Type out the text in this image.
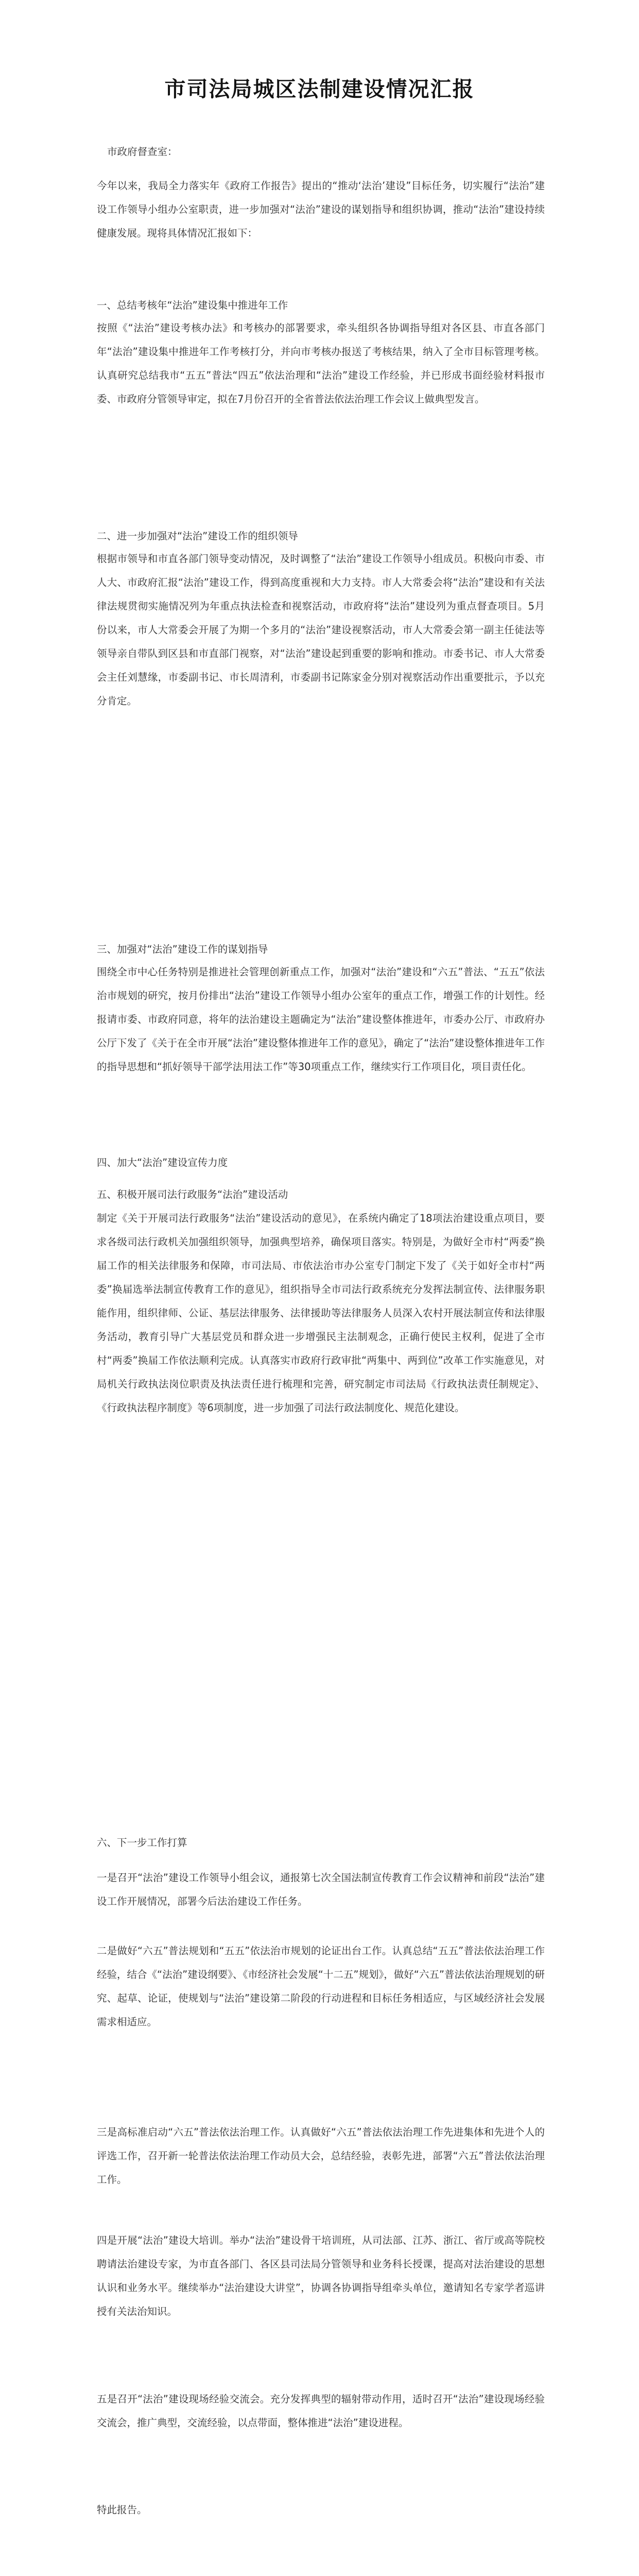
市司法局城区法制建设情况汇报

市政府督查室：

今年以来，我局全力落实年《政府工作报告》提出的“推动‘法治’建设”目标任务，切实履行“法治”建设工作领导小组办公室职责，进一步加强对“法治”建设的谋划指导和组织协调，推动“法治”建设持续健康发展。现将具体情况汇报如下：

一、总结考核年“法治”建设集中推进年工作

按照《“法治”建设考核办法》和考核办的部署要求，牵头组织各协调指导组对各区县、市直各部门年“法治”建设集中推进年工作考核打分，并向市考核办报送了考核结果，纳入了全市目标管理考核。认真研究总结我市“五五”普法“四五”依法治理和“法治”建设工作经验，并已形成书面经验材料报市委、市政府分管领导审定，拟在7月份召开的全省普法依法治理工作会议上做典型发言。

二、进一步加强对“法治”建设工作的组织领导

根据市领导和市直各部门领导变动情况，及时调整了“法治”建设工作领导小组成员。积极向市委、市人大、市政府汇报“法治”建设工作，得到高度重视和大力支持。市人大常委会将“法治”建设和有关法律法规贯彻实施情况列为年重点执法检查和视察活动，市政府将“法治”建设列为重点督查项目。5月份以来，市人大常委会开展了为期一个多月的“法治”建设视察活动，市人大常委会第一副主任徒法等领导亲自带队到区县和市直部门视察，对“法治”建设起到重要的影响和推动。市委书记、市人大常委会主任刘慧缘，市委副书记、市长周清利，市委副书记陈家金分别对视察活动作出重要批示，予以充分肯定。

三、加强对“法治”建设工作的谋划指导

围绕全市中心任务特别是推进社会管理创新重点工作，加强对“法治”建设和“六五”普法、“五五”依法治市规划的研究，按月份排出“法治”建设工作领导小组办公室年的重点工作，增强工作的计划性。经报请市委、市政府同意，将年的法治建设主题确定为“法治”建设整体推进年，市委办公厅、市政府办公厅下发了《关于在全市开展“法治”建设整体推进年工作的意见》，确定了“法治”建设整体推进年工作的指导思想和“抓好领导干部学法用法工作”等30项重点工作，继续实行工作项目化，项目责任化。

四、加大“法治”建设宣传力度

五、积极开展司法行政服务“法治”建设活动

制定《关于开展司法行政服务“法治”建设活动的意见》，在系统内确定了18项法治建设重点项目，要求各级司法行政机关加强组织领导，加强典型培养，确保项目落实。特别是，为做好全市村“两委”换届工作的相关法律服务和保障，市司法局、市依法治市办公室专门制定下发了《关于如好全市村“两委”换届选举法制宣传教育工作的意见》，组织指导全市司法行政系统充分发挥法制宣传、法律服务职能作用，组织律师、公证、基层法律服务、法律援助等法律服务人员深入农村开展法制宣传和法律服务活动，教育引导广大基层党员和群众进一步增强民主法制观念，正确行使民主权利，促进了全市村“两委”换届工作依法顺利完成。认真落实市政府行政审批“两集中、两到位”改革工作实施意见，对局机关行政执法岗位职责及执法责任进行梳理和完善，研究制定市司法局《行政执法责任制规定》、《行政执法程序制度》等6项制度，进一步加强了司法行政法制度化、规范化建设。

六、下一步工作打算

一是召开“法治”建设工作领导小组会议，通报第七次全国法制宣传教育工作会议精神和前段“法治”建设工作开展情况，部署今后法治建设工作任务。

二是做好“六五”普法规划和“五五”依法治市规划的论证出台工作。认真总结“五五”普法依法治理工作经验，结合《“法治”建设纲要》、《市经济社会发展“十二五”规划》，做好“六五”普法依法治理规划的研究、起草、论证，使规划与“法治”建设第二阶段的行动进程和目标任务相适应，与区域经济社会发展需求相适应。

三是高标准启动“六五”普法依法治理工作。认真做好“六五”普法依法治理工作先进集体和先进个人的评选工作，召开新一轮普法依法治理工作动员大会，总结经验，表彰先进，部署“六五”普法依法治理工作。

四是开展“法治”建设大培训。举办“法治”建设骨干培训班，从司法部、江苏、浙江、省厅或高等院校聘请法治建设专家，为市直各部门、各区县司法局分管领导和业务科长授课，提高对法治建设的思想认识和业务水平。继续举办“法治建设大讲堂”，协调各协调指导组牵头单位，邀请知名专家学者巡讲授有关法治知识。

五是召开“法治”建设现场经验交流会。充分发挥典型的辐射带动作用，适时召开“法治”建设现场经验交流会，推广典型，交流经验，以点带面，整体推进“法治”建设进程。

特此报告。
